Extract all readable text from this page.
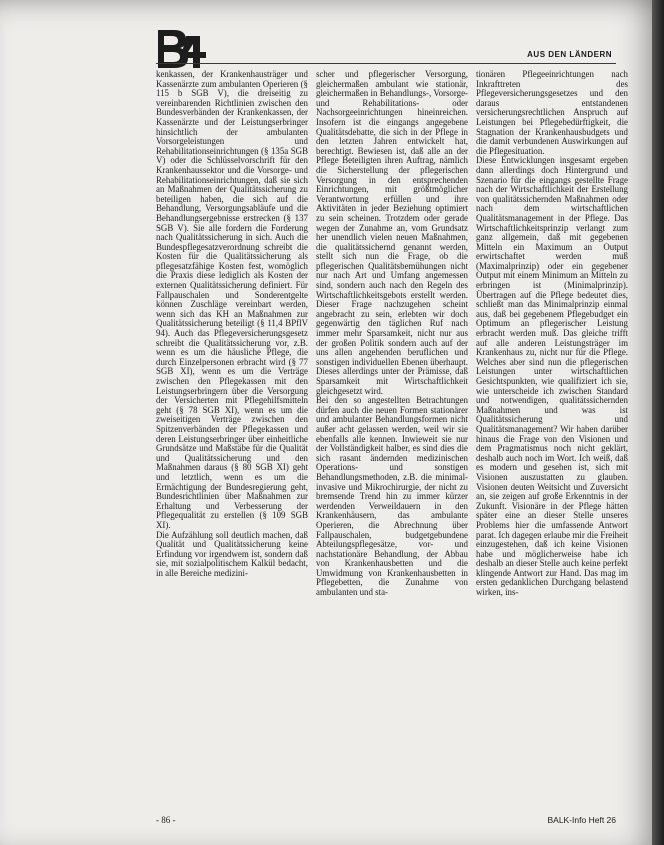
AUS DEN LÄNDERN

kenkassen, der Krankenhausträger und Kassenärzte zum ambulanten Operieren (§ 115 b SGB V), die dreiseitig zu vereinbarenden Richtlinien zwischen den Bundesverbänden der Krankenkassen, der Kassenärzte und der Leistungserbringer hinsichtlich der ambulanten Vorsorgeleistungen und Rehabilitationseinrichtungen (§ 135a SGB V) oder die Schlüsselvorschrift für den Krankenhaussektor und die Vorsorge- und Rehabilitationseinrichtungen, daß sie sich an Maßnahmen der Qualitätssicherung zu beteiligen haben, die sich auf die Behandlung, Versorgungsabläufe und die Behandlungsergebnisse erstrecken (§ 137 SGB V). Sie alle fordern die Forderung nach Qualitätssicherung in sich. Auch die Bundespflegesatzverordnung schreibt die Kosten für die Qualitätssicherung als pflegesatzfähige Kosten fest, womöglich die Praxis diese lediglich als Kosten der externen Qualitätssicherung definiert. Für Fallpauschalen und Sonderentgelte können Zuschläge vereinbart werden, wenn sich das KH an Maßnahmen zur Qualitätssicherung beteiligt (§ 11,4 BPflV 94). Auch das Pflegeversicherungsgesetz schreibt die Qualitätssicherung vor, z.B. wenn es um die häusliche Pflege, die durch Einzelpersonen erbracht wird (§ 77 SGB XI), wenn es um die Verträge zwischen den Pflegekassen mit den Leistungserbringern über die Versorgung der Versicherten mit Pflegehilfsmitteln geht (§ 78 SGB XI), wenn es um die zweiseitigen Verträge zwischen den Spitzenverbänden der Pflegekassen und deren Leistungserbringer über einheitliche Grundsätze und Maßstäbe für die Qualität und Qualitätssicherung und den Maßnahmen daraus (§ 80 SGB XI) geht und letztlich, wenn es um die Ermächtigung der Bundesregierung geht, Bundesrichtlinien über Maßnahmen zur Erhaltung und Verbesserung der Pflegequalität zu erstellen (§ 109 SGB XI).

Die Aufzählung soll deutlich machen, daß Qualität und Qualitätssicherung keine Erfindung vor irgendwem ist, sondern daß sie, mit sozialpolitischem Kalkül bedacht, in alle Bereiche medizini-

scher und pflegerischer Versorgung, gleichermaßen ambulant wie stationär, gleichermaßen in Behandlungs-, Vorsorge- und Rehabilitations- oder Nachsorgeeinrichtungen hineinreichen. Insofern ist die eingangs angegebene Qualitätsdebatte, die sich in der Pflege in den letzten Jahren entwickelt hat, berechtigt. Bewiesen ist, daß alle an der Pflege Beteiligten ihren Auftrag, nämlich die Sicherstellung der pflegerischen Versorgung in den entsprechenden Einrichtungen, mit größtmöglicher Verantwortung erfüllen und ihre Aktivitäten in jeder Beziehung optimiert zu sein scheinen. Trotzdem oder gerade wegen der Zunahme an, vom Grundsatz her unendlich vielen neuen Maßnahmen, die qualitätssichernd genannt werden, stellt sich nun die Frage, ob die pflegerischen Qualitätsbemühungen nicht nur nach Art und Umfang angemessen sind, sondern auch nach den Regeln des Wirtschaftlichkeitsgebots erstellt werden. Dieser Frage nachzugehen scheint angebracht zu sein, erlebten wir doch gegenwärtig den täglichen Ruf nach immer mehr Sparsamkeit, nicht nur aus der großen Politik sondern auch auf der uns allen angehenden beruflichen und sonstigen individuellen Ebenen überhaupt. Dieses allerdings unter der Prämisse, daß Sparsamkeit mit Wirtschaftlichkeit gleichgesetzt wird.

Bei den so angestellten Betrachtungen dürfen auch die neuen Formen stationärer und ambulanter Behandlungsformen nicht außer acht gelassen werden, weil wir sie ebenfalls alle kennen. Inwieweit sie nur der Vollständigkeit halber, es sind dies die sich rasant ändernden medizinischen Operations- und sonstigen Behandlungsmethoden, z.B. die minimal-invasive und Mikrochirurgie, der nicht zu bremsende Trend hin zu immer kürzer werdenden Verweildauern in den Krankenhäusern, das ambulante Operieren, die Abrechnung über Fallpauschalen, budgetgebundene Abteilungspflegesätze, vor- und nachstationäre Behandlung, der Abbau von Krankenhausbetten und die Umwidmung von Krankenhausbetten in Pflegebetten, die Zunahme von ambulanten und sta-

tionären Pflegeeinrichtungen nach Inkrafttreten des Pflegeversicherungsgesetzes und den daraus entstandenen versicherungsrechtlichen Anspruch auf Leistungen bei Pflegebedürftigkeit, die Stagnation der Krankenhausbudgets und die damit verbundenen Auswirkungen auf die Pflegesituation.

Diese Entwicklungen insgesamt ergeben dann allerdings doch Hintergrund und Szenario für die eingangs gestellte Frage nach der Wirtschaftlichkeit der Erstellung von qualitätssichernden Maßnahmen oder nach dem wirtschaftlichen Qualitätsmanagement in der Pflege. Das Wirtschaftlichkeitsprinzip verlangt zum ganz allgemein, daß mit gegebenen Mitteln ein Maximum an Output erwirtschaftet werden muß (Maximalprinzip) oder ein gegebener Output mit einem Minimum an Mitteln zu erbringen ist (Minimalprinzip). Übertragen auf die Pflege bedeutet dies, schließt man das Minimalprinzip einmal aus, daß bei gegebenem Pflegebudget ein Optimum an pflegerischer Leistung erbracht werden muß. Das gleiche trifft auf alle anderen Leistungsträger im Krankenhaus zu, nicht nur für die Pflege. Welches aber sind nun die pflegerischen Leistungen unter wirtschaftlichen Gesichtspunkten, wie qualifiziert ich sie, wie unterscheide ich zwischen Standard und notwendigen, qualitätssichernden Maßnahmen und was ist Qualitätssicherung und Qualitätsmanagement? Wir haben darüber hinaus die Frage von den Visionen und dem Pragmatismus noch nicht geklärt, deshalb auch noch im Wort. Ich weiß, daß es modern und gesehen ist, sich mit Visionen auszustatten zu glauben. Visionen deuten Weitsicht und Zuversicht an, sie zeigen auf große Erkenntnis in der Zukunft. Visionäre in der Pflege hätten später eine an dieser Stelle unseres Problems hier die umfassende Antwort parat. Ich dagegen erlaube mir die Freiheit einzugestehen, daß ich keine Visionen habe und möglicherweise habe ich deshalb an dieser Stelle auch keine perfekt klingende Antwort zur Hand. Das mag im ersten gedanklichen Durchgang belastend wirken, ins-

- 86 -	BALK-Info Heft 26
